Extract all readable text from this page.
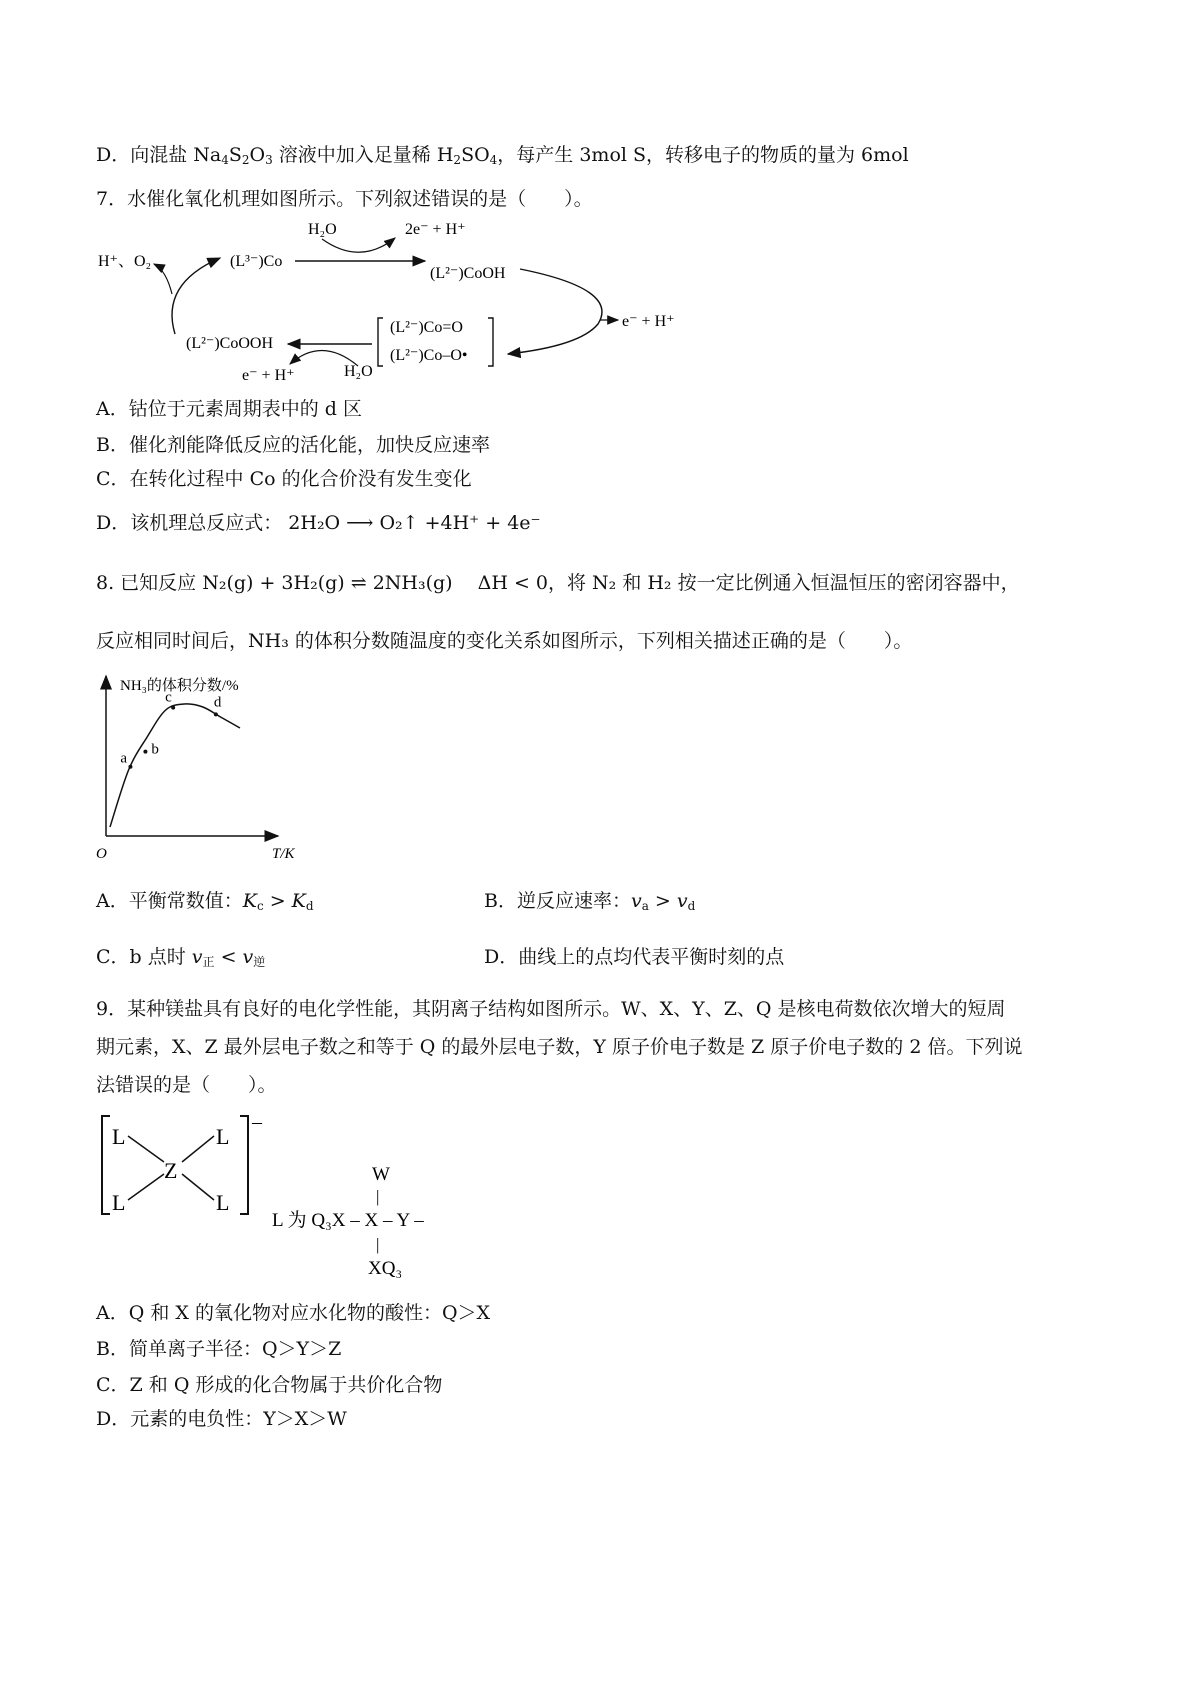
D．向混盐 $Na_4S_2O_3$ 溶液中加入足量稀 $H_2SO_4$，每产生 3mol S，转移电子的物质的量为 6mol
7．水催化氧化机理如图所示。下列叙述错误的是（　　）。
H⁺、O₂	(L³⁻)Co
H₂O	2e⁻ + H⁺
(L²⁻)CoOH
e⁻ + H⁺
(L²⁻)Co=O
(L²⁻)Co–O•
(L²⁻)CoOOH
e⁻ + H⁺	H₂O
A．钴位于元素周期表中的 d 区
B．催化剂能降低反应的活化能，加快反应速率
C．在转化过程中 Co 的化合价没有发生变化
D．该机理总反应式： 2H₂O ⟶ O₂↑ +4H⁺ + 4e⁻
8. 已知反应 N₂(g) + 3H₂(g) ⇌ 2NH₃(g)　 ΔH < 0，将 N₂ 和 H₂ 按一定比例通入恒温恒压的密闭容器中，
反应相同时间后，NH₃ 的体积分数随温度的变化关系如图所示，下列相关描述正确的是（　　）。
NH₃的体积分数/%
T/K
O
a
b
c	d
A．平衡常数值：$K_c > K_d$	B．逆反应速率：$v_a > v_d$
C．b 点时 $v_正 < v_逆$	D．曲线上的点均代表平衡时刻的点
9．某种镁盐具有良好的电化学性能，其阴离子结构如图所示。W、X、Y、Z、Q 是核电荷数依次增大的短周
期元素，X、Z 最外层电子数之和等于 Q 的最外层电子数，Y 原子价电子数是 Z 原子价电子数的 2 倍。下列说
法错误的是（　　）。
–
L	L
L	L
Z	W
|
L 为 Q₃X – X – Y –
|
XQ₃
A．Q 和 X 的氧化物对应水化物的酸性：Q＞X
B．简单离子半径：Q＞Y＞Z
C．Z 和 Q 形成的化合物属于共价化合物
D．元素的电负性：Y＞X＞W
